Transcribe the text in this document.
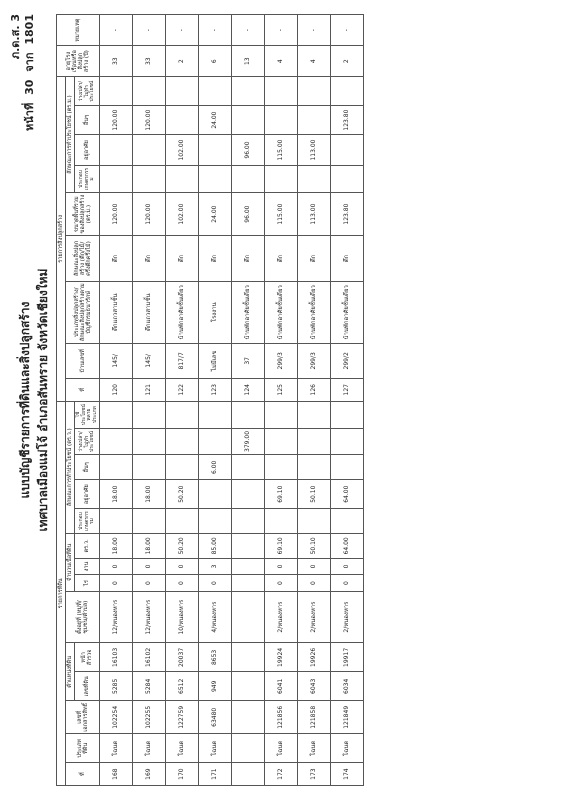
ภ.ด.ส. 3
แบบบัญชีรายการที่ดินและสิ่งปลูกสร้าง เทศบาลเมืองแม่โจ้ อำเภอสันทราย จังหวัดเชียงใหม่
หน้าที่ 30 จาก 1801
รายการที่ดิน														รายการสิ่งปลูกสร้าง									อายุโรงเรือนหรือสิ่งปลูกสร้าง (ปี)	หมายเหตุ
ที่	ประเภทที่ดิน	เลขที่เอกสารสิทธิ์	ตำแหน่งที่ดิน		ตั้งอยู่ที่ (หมู่ที่/ชุมชน/ตำบล)	จำนวนเนื้อที่ดิน			ลักษณะการทำประโยชน์ (ตร.ว.)					ที่	บ้านเลขที่	ประเภทสิ่งปลูกสร้าง/ลักษณะสิ่งปลูกสร้างตามบัญชีกรมธนารักษ์	ลักษณะสิ่งปลูกสร้าง (ตึก/ไม้/ครึ่งตึกครึ่งไม้)	ขนาดพื้นที่รวมของสิ่งปลูกสร้าง (ตร.ม.)	ลักษณะการทำประโยชน์ (ตร.ม.)					
			เลขที่ดิน	หน้าสำรวจ		ไร่	งาน	ตร.ว.	ประกอบเกษตรกรรม	อยู่อาศัย	อื่นๆ	ว่างเปล่า/ไม่ทำประโยชน์	ใช้ประโยชน์หลายประเภท						ประกอบเกษตรกรรม	อยู่อาศัย	อื่นๆ	ว่างเปล่า/ไม่ทำประโยชน์		
168	โฉนด	102254	5285	16103	12/หนองหาร	0	0	18.00		18.00				120	145/	ตึกแถวสามชั้น	ตึก	120.00			120.00		33	-
169	โฉนด	102255	5284	16102	12/หนองหาร	0	0	18.00		18.00				121	145/	ตึกแถวสามชั้น	ตึก	120.00			120.00		33	-
170	โฉนด	122759	6512	20037	10/หนองหาร	0	0	50.20		50.20				122	817/7	บ้านพักอาศัยชั้นเดียว	ตึก	102.00		102.00			2	-
171	โฉนด	63480	949	8653	4/หนองหาร	0	3	85.00			6.00			123	ไม่มีเลข	โรงงาน	ตึก	24.00			24.00		6	-
												379.00		124	37	บ้านพักอาศัยชั้นเดียว	ตึก	96.00		96.00			13	-
172	โฉนด	121856	6041	19924	2/หนองหาร	0	0	69.10		69.10				125	299/3	บ้านพักอาศัยชั้นเดียว	ตึก	115.00		115.00			4	-
173	โฉนด	121858	6043	19926	2/หนองหาร	0	0	50.10		50.10				126	299/3	บ้านพักอาศัยชั้นเดียว	ตึก	113.00		113.00			4	-
174	โฉนด	121849	6034	19917	2/หนองหาร	0	0	64.00		64.00				127	299/2	บ้านพักอาศัยชั้นเดียว	ตึก	123.80			123.80		2	-
